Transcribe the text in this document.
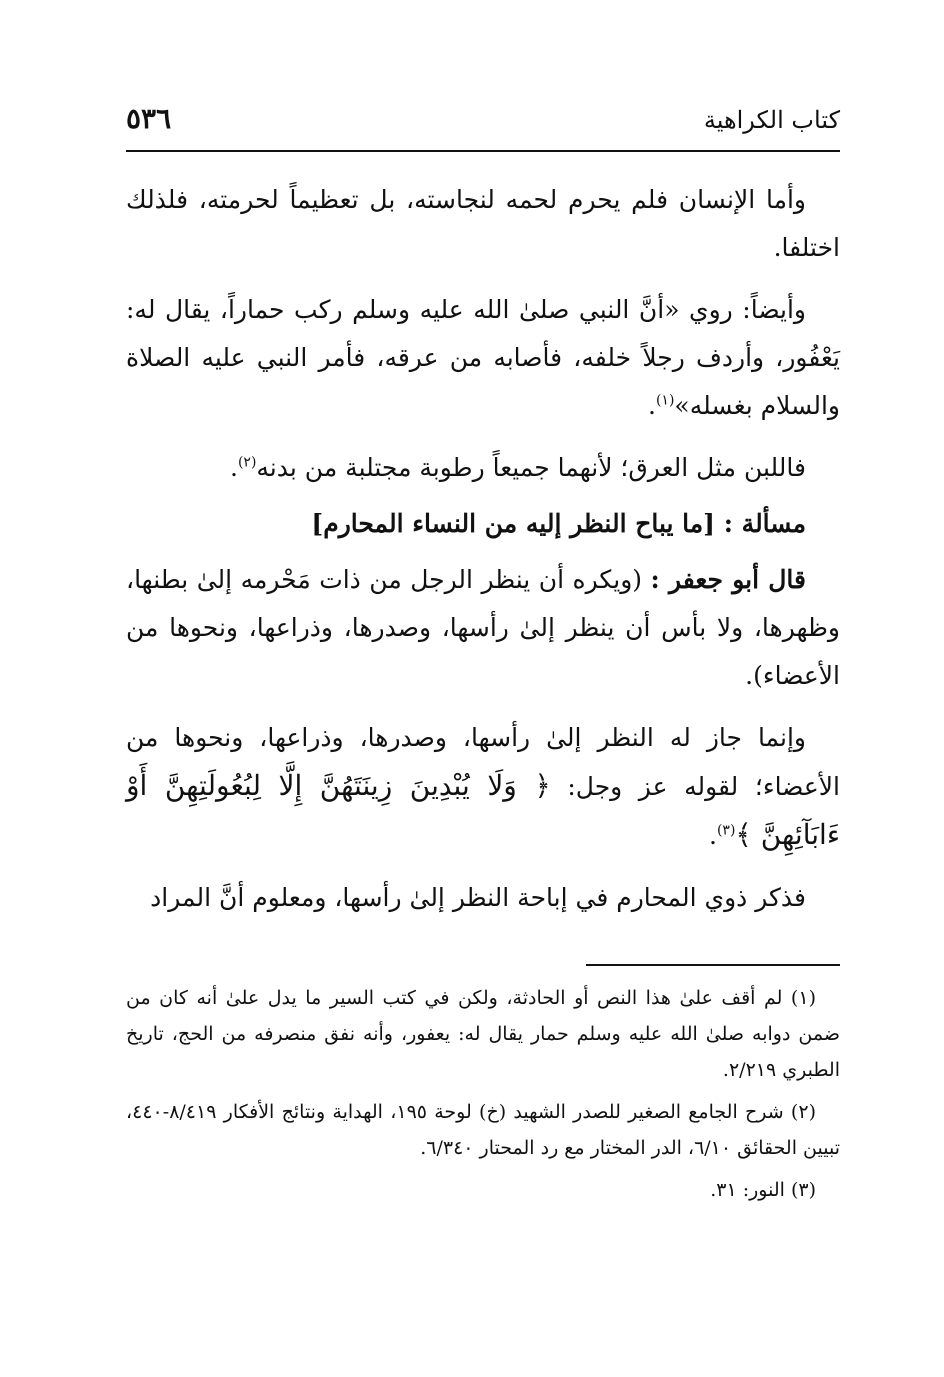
كتاب الكراهية
٥٣٦

وأما الإنسان فلم يحرم لحمه لنجاسته، بل تعظيماً لحرمته، فلذلك اختلفا.

وأيضاً: روي «أنَّ النبي صلىٰ الله عليه وسلم ركب حماراً، يقال له: يَعْفُور، وأردف رجلاً خلفه، فأصابه من عرقه، فأمر النبي عليه الصلاة والسلام بغسله»$^{(١)}$.

فاللبن مثل العرق؛ لأنهما جميعاً رطوبة مجتلبة من بدنه$^{(٢)}$.

مسألة : [ما يباح النظر إليه من النساء المحارم]

قال أبو جعفر : (ويكره أن ينظر الرجل من ذات مَحْرمه إلىٰ بطنها، وظهرها، ولا بأس أن ينظر إلىٰ رأسها، وصدرها، وذراعها، ونحوها من الأعضاء).

وإنما جاز له النظر إلىٰ رأسها، وصدرها، وذراعها، ونحوها من الأعضاء؛ لقوله عز وجل: ﴿ وَلَا يُبْدِينَ زِينَتَهُنَّ إِلَّا لِبُعُولَتِهِنَّ أَوْ ءَابَآئِهِنَّ ﴾$^{(٣)}$.

فذكر ذوي المحارم في إباحة النظر إلىٰ رأسها، ومعلوم أنَّ المراد

(١) لم أقف علىٰ هذا النص أو الحادثة، ولكن في كتب السير ما يدل علىٰ أنه كان من ضمن دوابه صلىٰ الله عليه وسلم حمار يقال له: يعفور، وأنه نفق منصرفه من الحج، تاريخ الطبري ٢/٢١٩.

(٢) شرح الجامع الصغير للصدر الشهيد (خ) لوحة ١٩٥، الهداية ونتائج الأفكار ٨/٤١٩-٤٤٠، تبيين الحقائق ٦/١٠، الدر المختار مع رد المحتار ٦/٣٤٠.

(٣) النور: ٣١.
